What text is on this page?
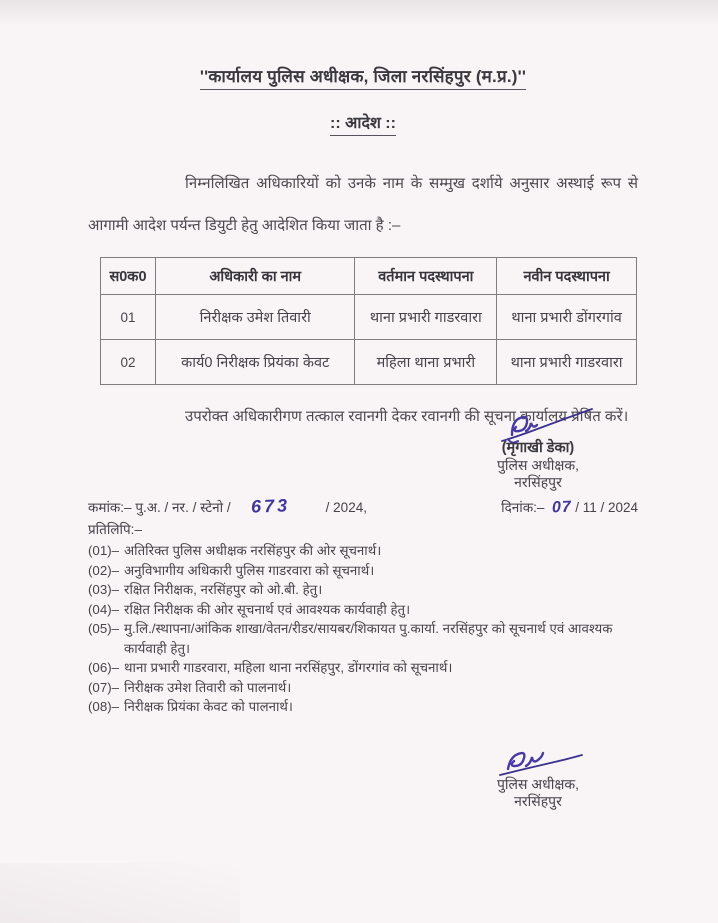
''कार्यालय पुलिस अधीक्षक, जिला नरसिंहपुर (म.प्र.)''
:: आदेश ::

निम्नलिखित अधिकारियों को उनके नाम के सम्मुख दर्शाये अनुसार अस्थाई रूप से आगामी आदेश पर्यन्त डियुटी हेतु आदेशित किया जाता है :–

स0क0	अधिकारी का नाम	वर्तमान पदस्थापना	नवीन पदस्थापना
01	निरीक्षक उमेश तिवारी	थाना प्रभारी गाडरवारा	थाना प्रभारी डोंगरगांव
02	कार्य0 निरीक्षक प्रियंका केवट	महिला थाना प्रभारी	थाना प्रभारी गाडरवारा

उपरोक्त अधिकारीगण तत्काल रवानगी देकर रवानगी की सूचना कार्यालय प्रेषित करें।

(मृगाखी डेका)
पुलिस अधीक्षक,
नरसिंहपुर
कमांक:– पु.अ. / नर. / स्टेनो / 673	/ 2024,	दिनांक:– 07 / 11 / 2024
प्रतिलिपि:–
(01)– अतिरिक्त पुलिस अधीक्षक नरसिंहपुर की ओर सूचनार्थ।
(02)– अनुविभागीय अधिकारी पुलिस गाडरवारा को सूचनार्थ।
(03)– रक्षित निरीक्षक, नरसिंहपुर को ओ.बी. हेतु।
(04)– रक्षित निरीक्षक की ओर सूचनार्थ एवं आवश्यक कार्यवाही हेतु।
(05)– मु.लि./स्थापना/आंकिक शाखा/वेतन/रीडर/सायबर/शिकायत पु.कार्या. नरसिंहपुर को सूचनार्थ एवं आवश्यक कार्यवाही हेतु।
(06)– थाना प्रभारी गाडरवारा, महिला थाना नरसिंहपुर, डोंगरगांव को सूचनार्थ।
(07)– निरीक्षक उमेश तिवारी को पालनार्थ।
(08)– निरीक्षक प्रियंका केवट को पालनार्थ।
पुलिस अधीक्षक,
नरसिंहपुर
